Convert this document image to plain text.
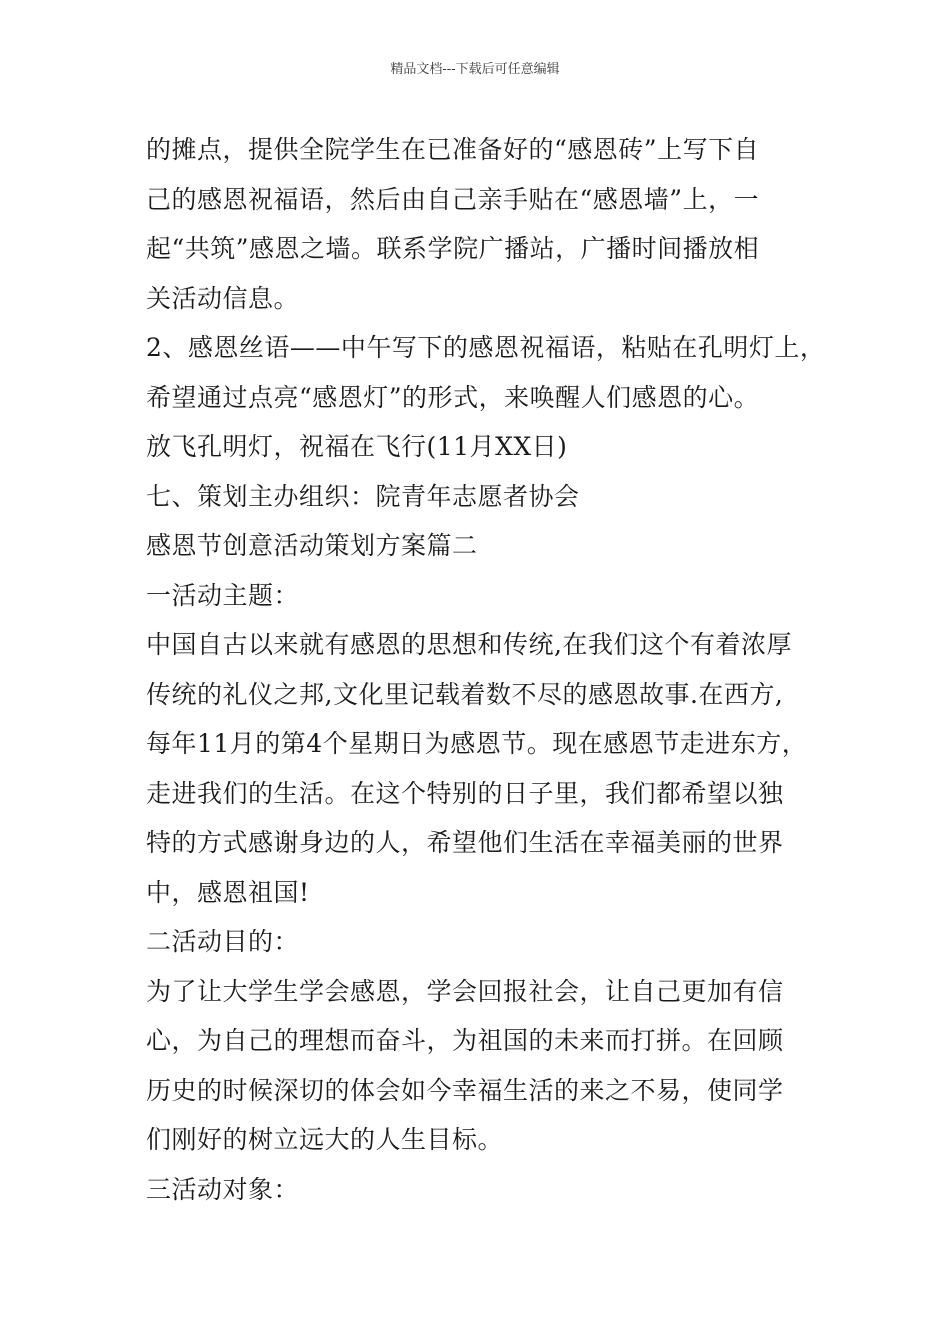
精品文档---下载后可任意编辑
的摊点，提供全院学生在已准备好的“感恩砖”上写下自
己的感恩祝福语，然后由自己亲手贴在“感恩墙”上，一
起“共筑”感恩之墙。联系学院广播站，广播时间播放相
关活动信息。
2、感恩丝语——中午写下的感恩祝福语，粘贴在孔明灯上，
希望通过点亮“感恩灯”的形式，来唤醒人们感恩的心。
放飞孔明灯，祝福在飞行(11月XX日)
七、策划主办组织：院青年志愿者协会
感恩节创意活动策划方案篇二
一活动主题：
中国自古以来就有感恩的思想和传统,在我们这个有着浓厚
传统的礼仪之邦,文化里记载着数不尽的感恩故事.在西方,
每年11月的第4个星期日为感恩节。现在感恩节走进东方，
走进我们的生活。在这个特别的日子里，我们都希望以独
特的方式感谢身边的人，希望他们生活在幸福美丽的世界
中，感恩祖国!
二活动目的：
为了让大学生学会感恩，学会回报社会，让自己更加有信
心，为自己的理想而奋斗，为祖国的未来而打拼。在回顾
历史的时候深切的体会如今幸福生活的来之不易，使同学
们刚好的树立远大的人生目标。
三活动对象：
